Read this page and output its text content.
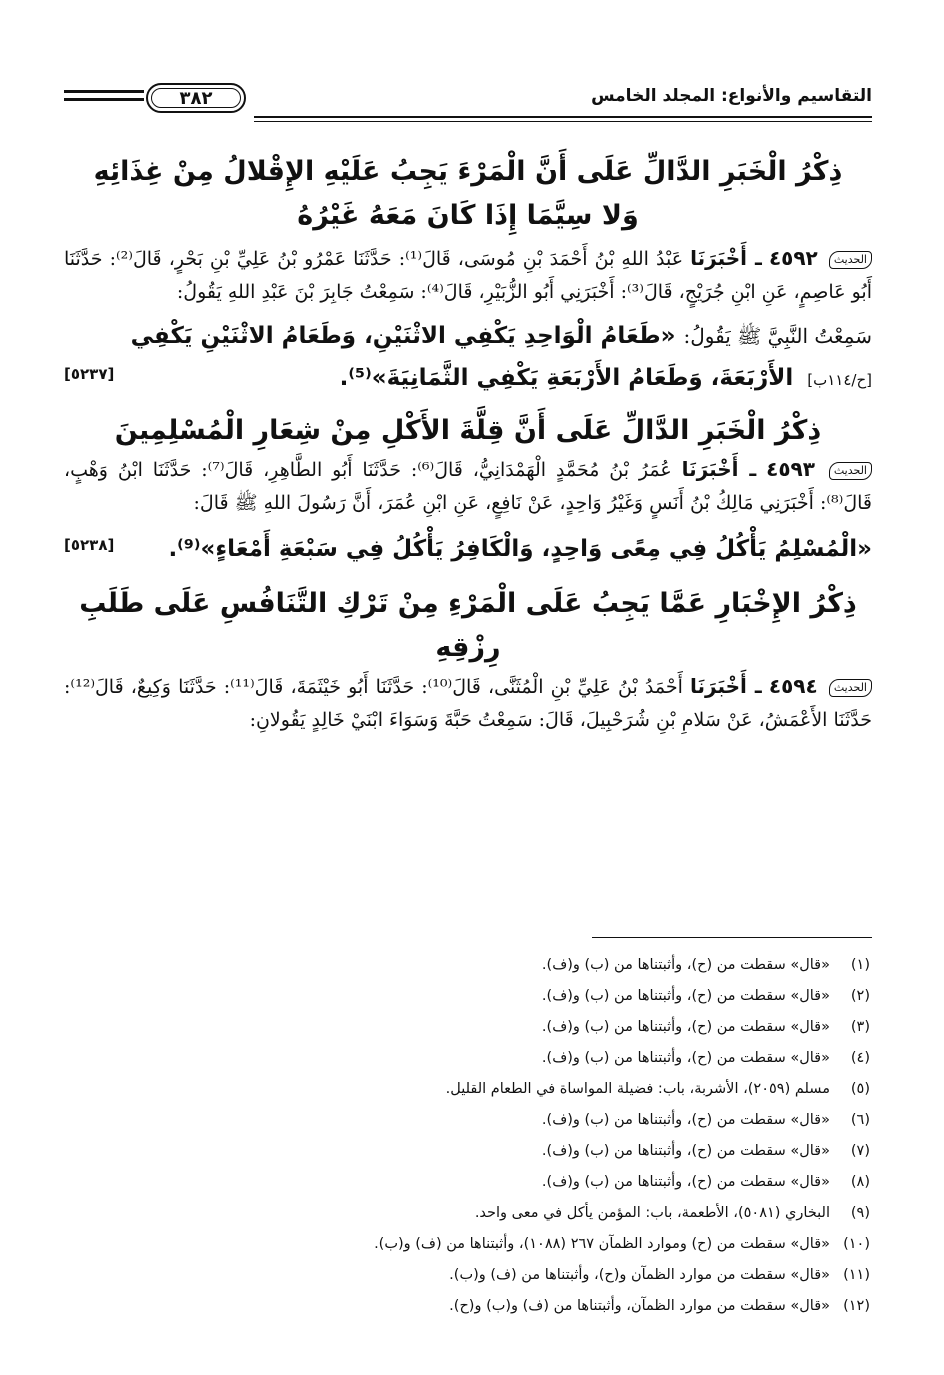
التقاسيم والأنواع: المجلد الخامس
٣٨٢
ذِكْرُ الْخَبَرِ الدَّالِّ عَلَى أَنَّ الْمَرْءَ يَجِبُ عَلَيْهِ الإِقْلالُ مِنْ غِذَائِهِ
وَلا سِيَّمَا إِذَا كَانَ مَعَهُ غَيْرُهُ

الحديث ٤٥٩٢ ـ أَخْبَرَنَا عَبْدُ اللهِ بْنُ أَحْمَدَ بْنِ مُوسَى، قَالَ⁽¹⁾: حَدَّثَنَا عَمْرُو بْنُ عَلِيِّ بْنِ بَحْرٍ، قَالَ⁽²⁾: حَدَّثَنَا أَبُو عَاصِمٍ، عَنِ ابْنِ جُرَيْجٍ، قَالَ⁽³⁾: أَخْبَرَنِي أَبُو الزُّبَيْرِ، قَالَ⁽⁴⁾: سَمِعْتُ جَابِرَ بْنَ عَبْدِ اللهِ يَقُولُ:

سَمِعْتُ النَّبِيَّ ﷺ يَقُولُ: «طَعَامُ الْوَاحِدِ يَكْفِي الاثْنَيْنِ، وَطَعَامُ الاثْنَيْنِ يَكْفِي

[ح/١١٤ب] الأَرْبَعَةَ، وَطَعَامُ الأَرْبَعَةِ يَكْفِي الثَّمَانِيَةَ»⁽⁵⁾.
[٥٢٣٧]
ذِكْرُ الْخَبَرِ الدَّالِّ عَلَى أَنَّ قِلَّةَ الأَكْلِ مِنْ شِعَارِ الْمُسْلِمِينَ

الحديث ٤٥٩٣ ـ أَخْبَرَنَا عُمَرُ بْنُ مُحَمَّدٍ الْهَمْدَانِيُّ، قَالَ⁽⁶⁾: حَدَّثَنَا أَبُو الطَّاهِرِ، قَالَ⁽⁷⁾: حَدَّثَنَا ابْنُ وَهْبٍ، قَالَ⁽⁸⁾: أَخْبَرَنِي مَالِكُ بْنُ أَنَسٍ وَغَيْرُ وَاحِدٍ، عَنْ نَافِعٍ، عَنِ ابْنِ عُمَرَ، أَنَّ رَسُولَ اللهِ ﷺ قَالَ:

«الْمُسْلِمُ يَأْكُلُ فِي مِعًى وَاحِدٍ، وَالْكَافِرُ يَأْكُلُ فِي سَبْعَةِ أَمْعَاءٍ»⁽⁹⁾.
[٥٢٣٨]
ذِكْرُ الإِخْبَارِ عَمَّا يَجِبُ عَلَى الْمَرْءِ مِنْ تَرْكِ التَّنَافُسِ عَلَى طَلَبِ رِزْقِهِ

الحديث ٤٥٩٤ ـ أَخْبَرَنَا أَحْمَدُ بْنُ عَلِيِّ بْنِ الْمُثَنَّى، قَالَ⁽¹⁰⁾: حَدَّثَنَا أَبُو خَيْثَمَةَ، قَالَ⁽¹¹⁾: حَدَّثَنَا وَكِيعٌ، قَالَ⁽¹²⁾: حَدَّثَنَا الأَعْمَشُ، عَنْ سَلامِ بْنِ شُرَحْبِيلَ، قَالَ: سَمِعْتُ حَبَّةَ وَسَوَاءَ ابْنَيْ خَالِدٍ يَقُولانِ:

(١)«قال» سقطت من (ح)، وأثبتناها من (ب) و(ف).
(٢)«قال» سقطت من (ح)، وأثبتناها من (ب) و(ف).
(٣)«قال» سقطت من (ح)، وأثبتناها من (ب) و(ف).
(٤)«قال» سقطت من (ح)، وأثبتناها من (ب) و(ف).
(٥)مسلم (٢٠٥٩)، الأشربة، باب: فضيلة المواساة في الطعام القليل.
(٦)«قال» سقطت من (ح)، وأثبتناها من (ب) و(ف).
(٧)«قال» سقطت من (ح)، وأثبتناها من (ب) و(ف).
(٨)«قال» سقطت من (ح)، وأثبتناها من (ب) و(ف).
(٩)البخاري (٥٠٨١)، الأطعمة، باب: المؤمن يأكل في معى واحد.
(١٠)«قال» سقطت من (ح) وموارد الظمآن ٢٦٧ (١٠٨٨)، وأثبتناها من (ف) و(ب).
(١١)«قال» سقطت من موارد الظمآن و(ح)، وأثبتناها من (ف) و(ب).
(١٢)«قال» سقطت من موارد الظمآن، وأثبتناها من (ف) و(ب) و(ح).
